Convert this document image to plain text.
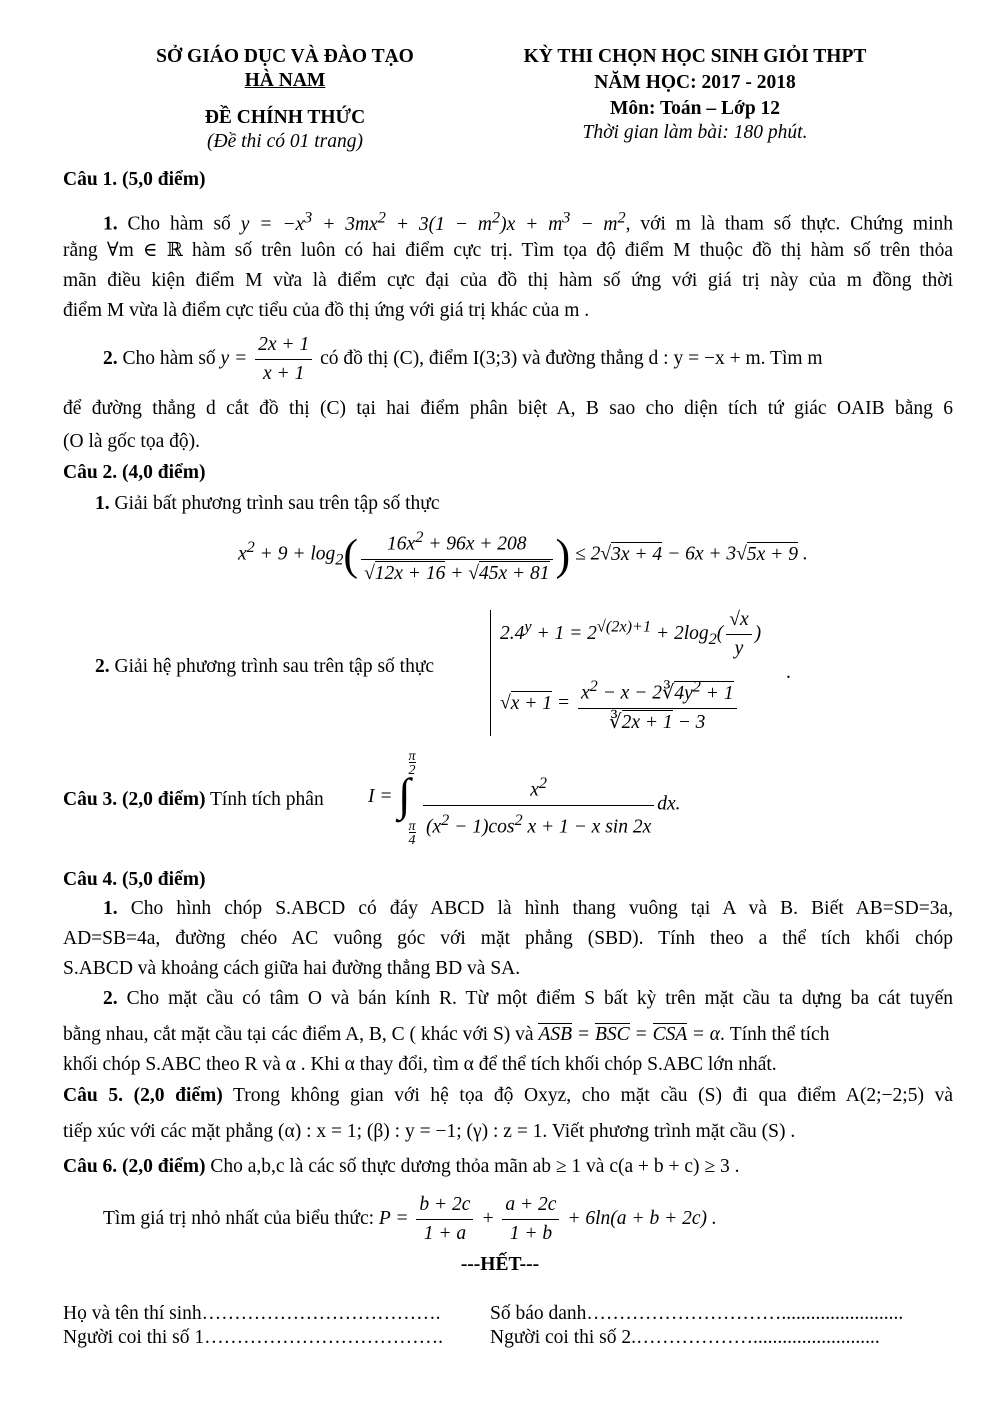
SỞ GIÁO DỤC VÀ ĐÀO TẠO
HÀ NAM
ĐỀ CHÍNH THỨC
(Đề thi có 01 trang)
KỲ THI CHỌN HỌC SINH GIỎI THPT
NĂM HỌC: 2017 - 2018
Môn: Toán – Lớp 12
Thời gian làm bài: 180 phút.
Câu 1. (5,0 điểm)
1. Cho hàm số $y = -x^3 + 3mx^2 + 3(1 - m^2)x + m^3 - m^2$, với m là tham số thực. Chứng minh
rằng ∀m ∈ ℝ hàm số trên luôn có hai điểm cực trị. Tìm tọa độ điểm M thuộc đồ thị hàm số trên thỏa
mãn điều kiện điểm M vừa là điểm cực đại của đồ thị hàm số ứng với giá trị này của m đồng thời
điểm M vừa là điểm cực tiểu của đồ thị ứng với giá trị khác của m .
2. Cho hàm số $y = \frac{2x + 1}{x + 1}$ có đồ thị (C), điểm I(3;3) và đường thẳng d : y = −x + m. Tìm m
để đường thẳng d cắt đồ thị (C) tại hai điểm phân biệt A, B sao cho diện tích tứ giác OAIB bằng 6
(O là gốc tọa độ).
Câu 2. (4,0 điểm)
1. Giải bất phương trình sau trên tập số thực
$x^2 + 9 + \log_2( \frac{16x^2 + 96x + 208}{√12x + 16 + √45x + 81}$ ) ≤ 2√3x + 4 − 6x + 3√5x + 9 .
2. Giải hệ phương trình sau trên tập số thực
$2.4^y + 1 = 2^{√(2x)+1} + 2\log_2( \frac{√x}{y}$ )
$√x + 1 = \frac{x^2 - x - 2∛4y^2 + 1}{∛2x + 1 - 3}$	.
Câu 3. (2,0 điểm) Tính tích phân	I = ∫
π
2
π
$4 \frac{x^2}{(x^2 - 1)\cos^2 x + 1 - x \sin 2x}$ dx.
Câu 4. (5,0 điểm)
1. Cho hình chóp S.ABCD có đáy ABCD là hình thang vuông tại A và B. Biết AB=SD=3a,
AD=SB=4a, đường chéo AC vuông góc với mặt phẳng (SBD). Tính theo a thể tích khối chóp
S.ABCD và khoảng cách giữa hai đường thẳng BD và SA.
2. Cho mặt cầu có tâm O và bán kính R. Từ một điểm S bất kỳ trên mặt cầu ta dựng ba cát tuyến
bằng nhau, cắt mặt cầu tại các điểm A, B, C ( khác với S) và ASB = BSC = CSA = α. Tính thể tích
khối chóp S.ABC theo R và α . Khi α thay đổi, tìm α để thể tích khối chóp S.ABC lớn nhất.
Câu 5. (2,0 điểm) Trong không gian với hệ tọa độ Oxyz, cho mặt cầu (S) đi qua điểm A(2;−2;5) và
tiếp xúc với các mặt phẳng (α) : x = 1; (β) : y = −1; (γ) : z = 1. Viết phương trình mặt cầu (S) .
Câu 6. (2,0 điểm) Cho a,b,c là các số thực dương thỏa mãn ab ≥ 1 và c(a + b + c) ≥ 3 .
Tìm giá trị nhỏ nhất của biểu thức: $P = \frac{b + 2c}{1 + a} + \frac{a + 2c}{1 + b} + 6\ln(a + b + 2c)$ .
---HẾT---
Họ và tên thí sinh……………………………….	Số báo danh………………………….........................
Người coi thi số 1……………………………….	Người coi thi số 2.………………..........................
